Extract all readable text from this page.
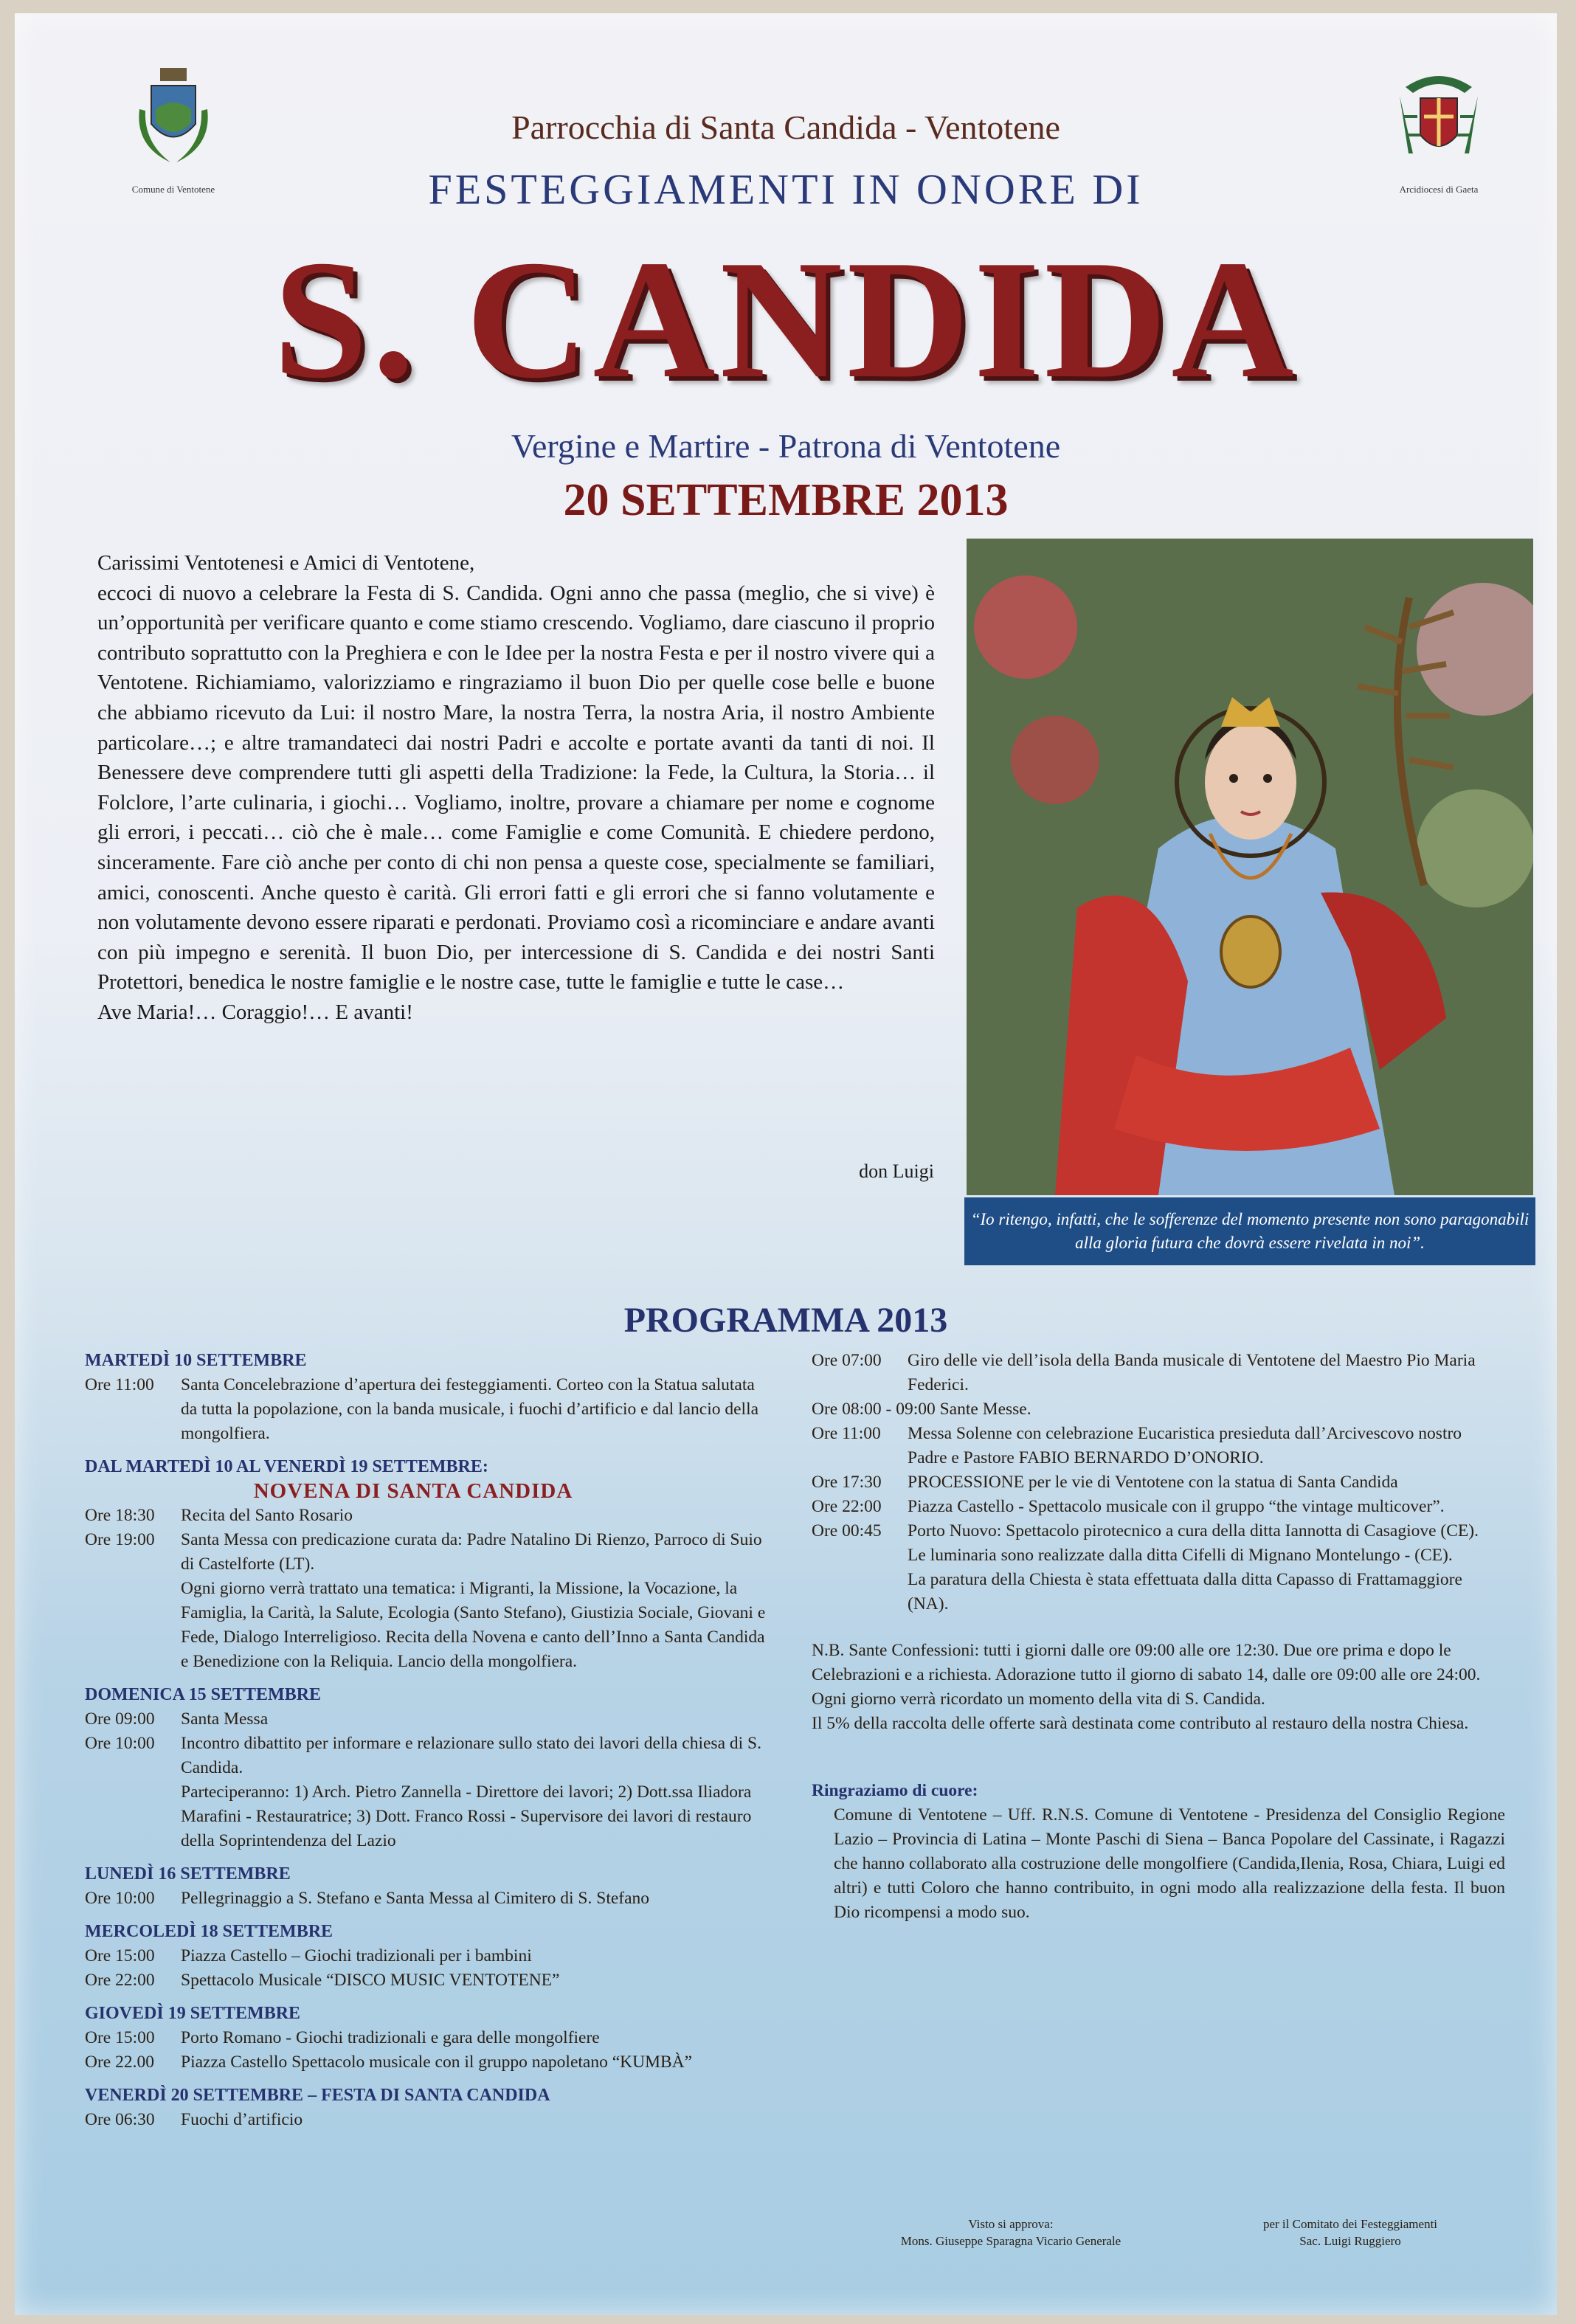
Comune di Ventotene	Arcidiocesi di Gaeta
Parrocchia di Santa Candida - Ventotene
FESTEGGIAMENTI IN ONORE DI
S. CANDIDA
Vergine e Martire - Patrona di Ventotene
20 SETTEMBRE 2013

Carissimi Ventotenesi e Amici di Ventotene,

eccoci di nuovo a celebrare la Festa di S. Candida. Ogni anno che passa (meglio, che si vive) è un’opportunità per verificare quanto e come stiamo crescendo. Vogliamo, dare ciascuno il proprio contributo soprattutto con la Preghiera e con le Idee per la nostra Festa e per il nostro vivere qui a Ventotene. Richiamiamo, valorizziamo e ringraziamo il buon Dio per quelle cose belle e buone che abbiamo ricevuto da Lui: il nostro Mare, la nostra Terra, la nostra Aria, il nostro Ambiente particolare…; e altre tramandateci dai nostri Padri e accolte e portate avanti da tanti di noi. Il Benessere deve comprendere tutti gli aspetti della Tradizione: la Fede, la Cultura, la Storia… il Folclore, l’arte culinaria, i giochi… Vogliamo, inoltre, provare a chiamare per nome e cognome gli errori, i peccati… ciò che è male… come Famiglie e come Comunità. E chiedere perdono, sinceramente. Fare ciò anche per conto di chi non pensa a queste cose, specialmente se familiari, amici, conoscenti. Anche questo è carità. Gli errori fatti e gli errori che si fanno volutamente e non volutamente devono essere riparati e perdonati. Proviamo così a ricominciare e andare avanti con più impegno e serenità. Il buon Dio, per intercessione di S. Candida e dei nostri Santi Protettori, benedica le nostre famiglie e le nostre case, tutte le famiglie e tutte le case…

Ave Maria!… Coraggio!… E avanti!

don Luigi
“Io ritengo, infatti, che le sofferenze del momento presente non sono paragonabili alla gloria futura che dovrà essere rivelata in noi”.
PROGRAMMA 2013
MARTEDÌ 10 SETTEMBRE
Ore 11:00	Santa Concelebrazione d’apertura dei festeggiamenti. Corteo con la Statua salutata da tutta la popolazione, con la banda musicale, i fuochi d’artificio e dal lancio della mongolfiera.
DAL MARTEDÌ 10 AL VENERDÌ 19 SETTEMBRE:
NOVENA DI SANTA CANDIDA
Ore 18:30	Recita del Santo Rosario
Ore 19:00	Santa Messa con predicazione curata da: Padre Natalino Di Rienzo, Parroco di Suio di Castelforte (LT).
Ogni giorno verrà trattato una tematica: i Migranti, la Missione, la Vocazione, la Famiglia, la Carità, la Salute, Ecologia (Santo Stefano), Giustizia Sociale, Giovani e Fede, Dialogo Interreligioso. Recita della Novena e canto dell’Inno a Santa Candida e Benedizione con la Reliquia. Lancio della mongolfiera.
DOMENICA 15 SETTEMBRE
Ore 09:00	Santa Messa
Ore 10:00	Incontro dibattito per informare e relazionare sullo stato dei lavori della chiesa di S. Candida.
Parteciperanno: 1) Arch. Pietro Zannella - Direttore dei lavori; 2) Dott.ssa Iliadora Marafini - Restauratrice; 3) Dott. Franco Rossi - Supervisore dei lavori di restauro della Soprintendenza del Lazio
LUNEDÌ 16 SETTEMBRE
Ore 10:00	Pellegrinaggio a S. Stefano e Santa Messa al Cimitero di S. Stefano
MERCOLEDÌ 18 SETTEMBRE
Ore 15:00	Piazza Castello – Giochi tradizionali per i bambini
Ore 22:00	Spettacolo Musicale “DISCO MUSIC VENTOTENE”
GIOVEDÌ 19 SETTEMBRE
Ore 15:00	Porto Romano - Giochi tradizionali e gara delle mongolfiere
Ore 22.00	Piazza Castello Spettacolo musicale con il gruppo napoletano “KUMBÀ”
VENERDÌ 20 SETTEMBRE – FESTA DI SANTA CANDIDA
Ore 06:30	Fuochi d’artificio
Ore 07:00	Giro delle vie dell’isola della Banda musicale di Ventotene del Maestro Pio Maria Federici.
Ore 08:00 - 09:00 Sante Messe.
Ore 11:00	Messa Solenne con celebrazione Eucaristica presieduta dall’Arcivescovo nostro Padre e Pastore FABIO BERNARDO D’ONORIO.
Ore 17:30	PROCESSIONE per le vie di Ventotene con la statua di Santa Candida
Ore 22:00	Piazza Castello - Spettacolo musicale con il gruppo “the vintage multicover”.
Ore 00:45	Porto Nuovo: Spettacolo pirotecnico a cura della ditta Iannotta di Casagiove (CE).
Le luminaria sono realizzate dalla ditta Cifelli di Mignano Montelungo - (CE).
La paratura della Chiesta è stata effettuata dalla ditta Capasso di Frattamaggiore (NA).

N.B. Sante Confessioni: tutti i giorni dalle ore 09:00 alle ore 12:30. Due ore prima e dopo le Celebrazioni e a richiesta. Adorazione tutto il giorno di sabato 14, dalle ore 09:00 alle ore 24:00.

Ogni giorno verrà ricordato un momento della vita di S. Candida.

Il 5% della raccolta delle offerte sarà destinata come contributo al restauro della nostra Chiesa.

Ringraziamo di cuore:
Comune di Ventotene – Uff. R.N.S. Comune di Ventotene - Presidenza del Consiglio Regione Lazio – Provincia di Latina – Monte Paschi di Siena – Banca Popolare del Cassinate, i Ragazzi che hanno collaborato alla costruzione delle mongolfiere (Candida,Ilenia, Rosa, Chiara, Luigi ed altri) e tutti Coloro che hanno contribuito, in ogni modo alla realizzazione della festa. Il buon Dio ricompensi a modo suo.
Visto si approva:
Mons. Giuseppe Sparagna Vicario Generale
per il Comitato dei Festeggiamenti
Sac. Luigi Ruggiero
